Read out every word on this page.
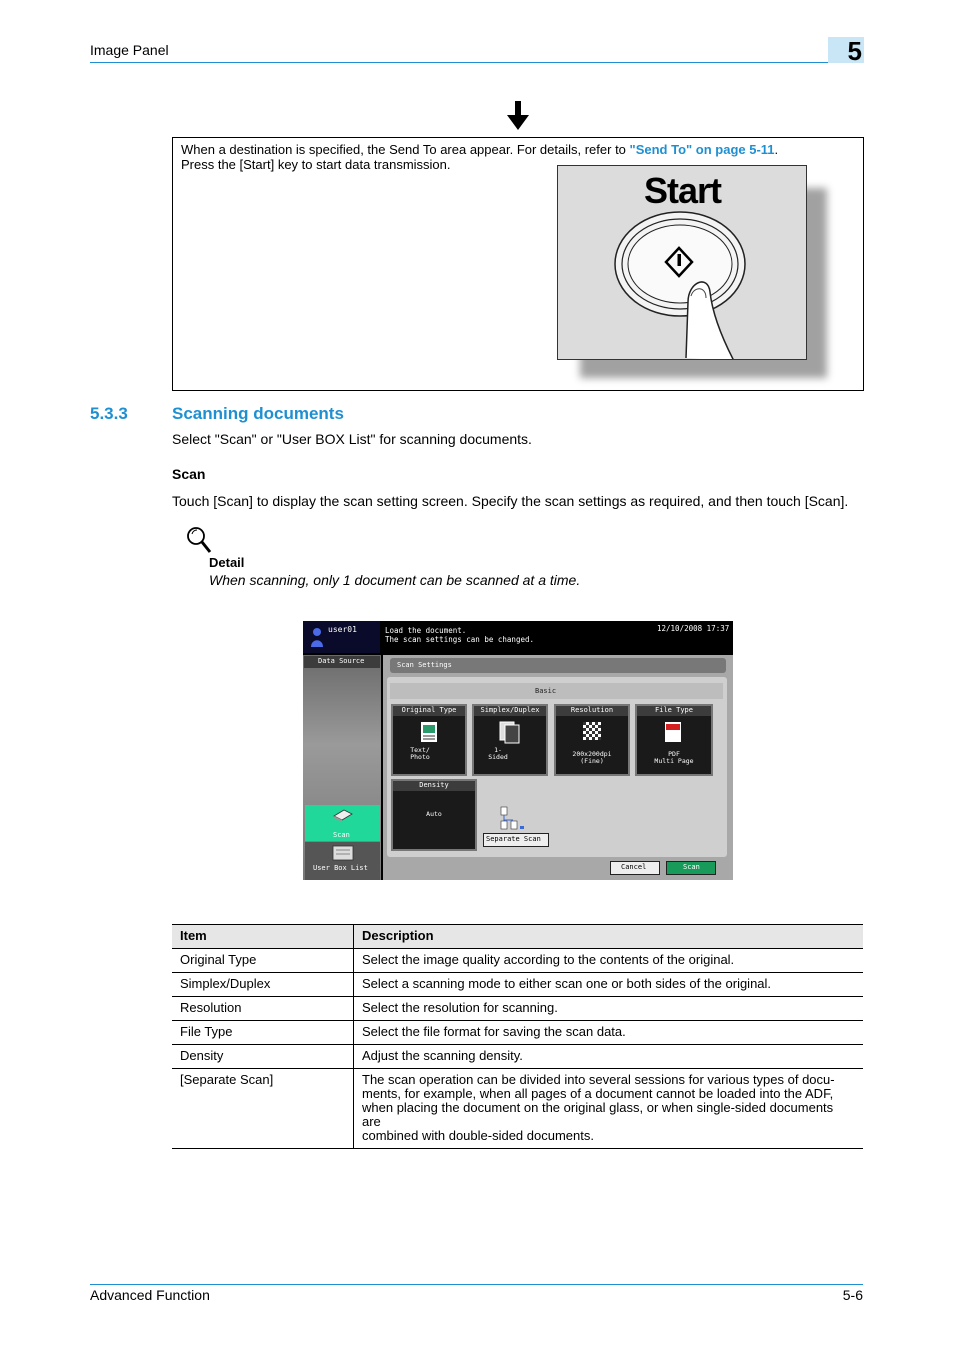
Image Panel	5
When a destination is specified, the Send To area appear. For details, refer to "Send To" on page 5-11.
Press the [Start] key to start data transmission.
Start
5.3.3	Scanning documents
Select "Scan" or "User BOX List" for scanning documents.
Scan
Touch [Scan] to display the scan setting screen. Specify the scan settings as required, and then touch [Scan].
Detail
When scanning, only 1 document can be scanned at a time.
user01	Load the document.
The scan settings can be changed.
12/10/2008 17:37
Data Source
Scan
User Box List
Scan Settings
Basic
Original Type
Text/
Photo
Simplex/Duplex
1-
Sided
Resolution
200x200dpi
(Fine)
File Type
PDF
Multi Page
Density
Auto
Separate Scan
Cancel	Scan
Item	Description
Original Type	Select the image quality according to the contents of the original.
Simplex/Duplex	Select a scanning mode to either scan one or both sides of the original.
Resolution	Select the resolution for scanning.
File Type	Select the file format for saving the scan data.
Density	Adjust the scanning density.
[Separate Scan]	The scan operation can be divided into several sessions for various types of docu-
ments, for example, when all pages of a document cannot be loaded into the ADF,
when placing the document on the original glass, or when single-sided documents are
combined with double-sided documents.
Advanced Function	5-6
